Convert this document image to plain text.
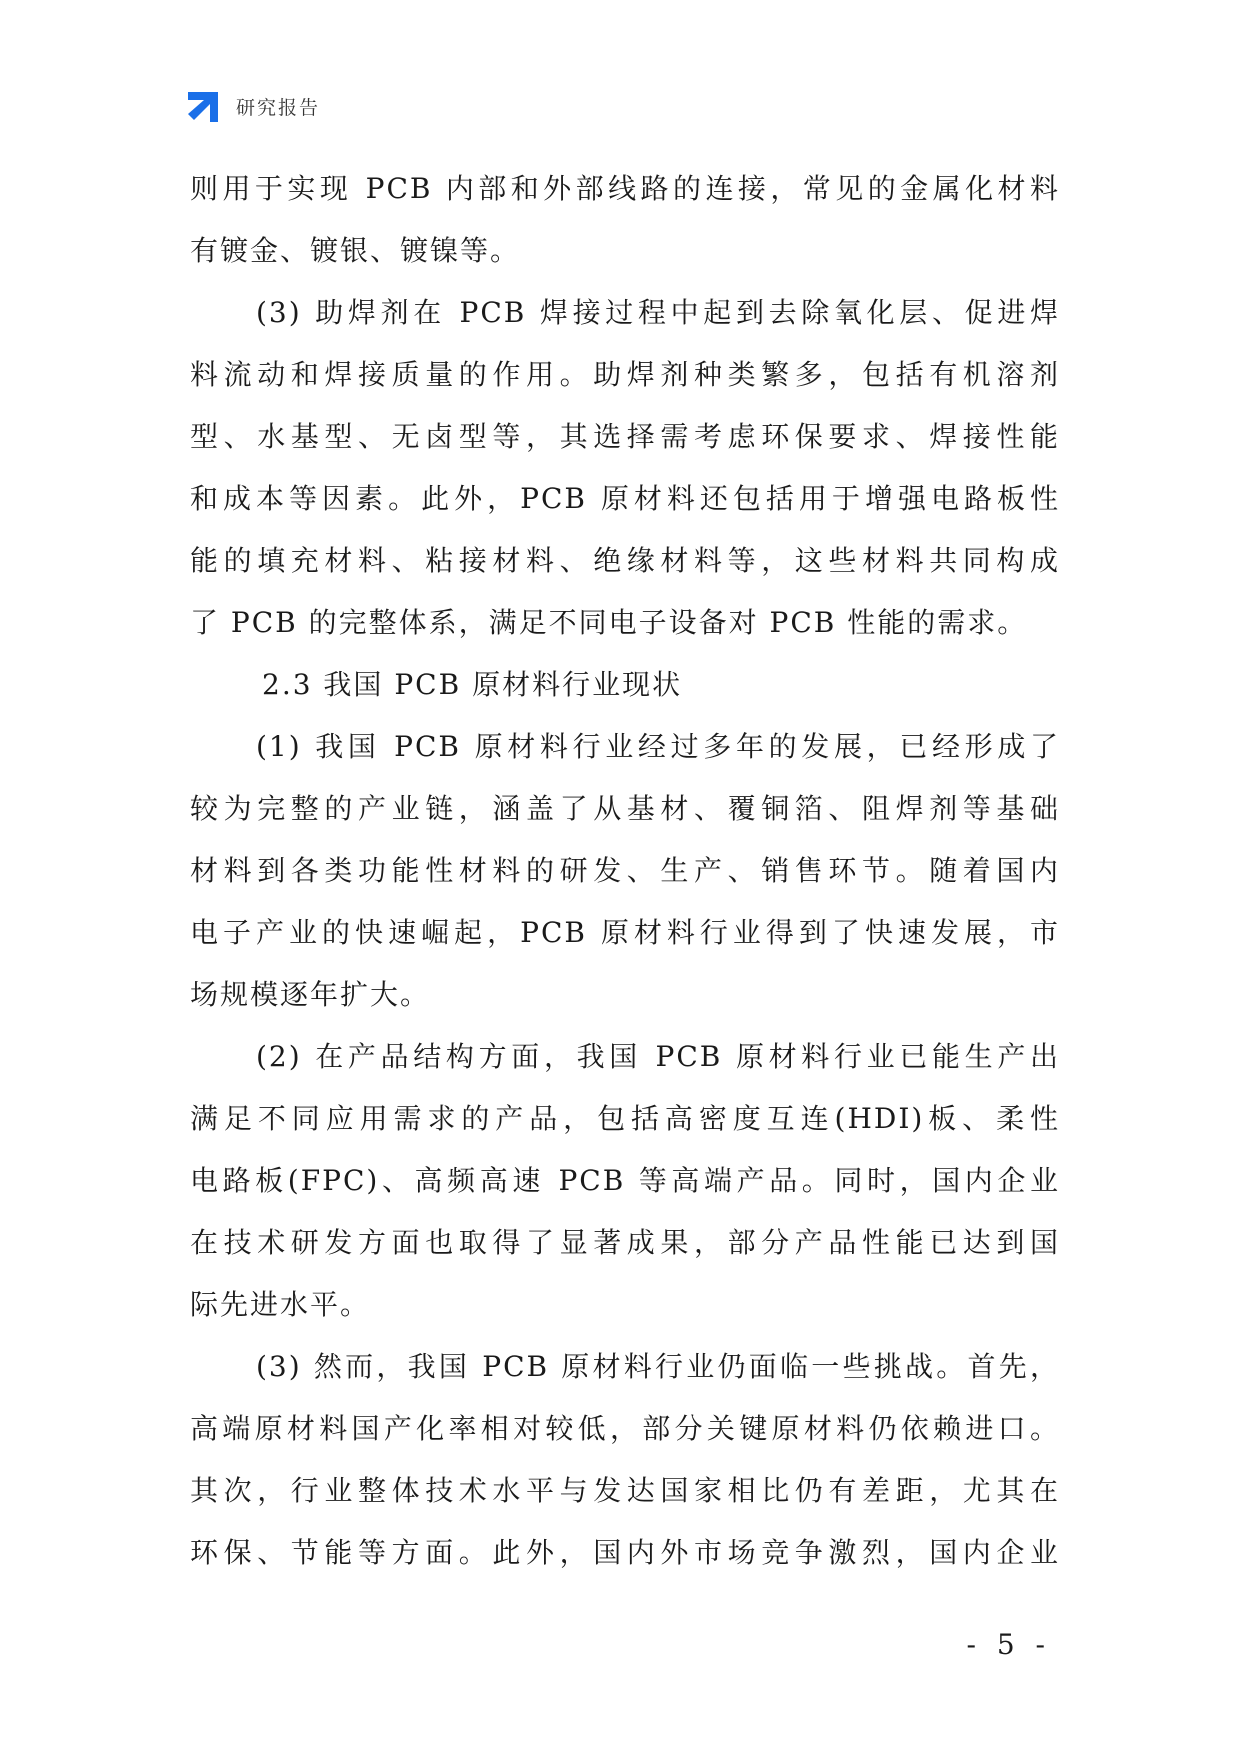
研究报告
则用于实现 PCB 内部和外部线路的连接，常见的金属化材料
有镀金、镀银、镀镍等。
(3) 助焊剂在 PCB 焊接过程中起到去除氧化层、促进焊
料流动和焊接质量的作用。助焊剂种类繁多，包括有机溶剂
型、水基型、无卤型等，其选择需考虑环保要求、焊接性能
和成本等因素。此外，PCB 原材料还包括用于增强电路板性
能的填充材料、粘接材料、绝缘材料等，这些材料共同构成
了 PCB 的完整体系，满足不同电子设备对 PCB 性能的需求。
2.3 我国 PCB 原材料行业现状
(1) 我国 PCB 原材料行业经过多年的发展，已经形成了
较为完整的产业链，涵盖了从基材、覆铜箔、阻焊剂等基础
材料到各类功能性材料的研发、生产、销售环节。随着国内
电子产业的快速崛起，PCB 原材料行业得到了快速发展，市
场规模逐年扩大。
(2) 在产品结构方面，我国 PCB 原材料行业已能生产出
满足不同应用需求的产品，包括高密度互连(HDI)板、柔性
电路板(FPC)、高频高速 PCB 等高端产品。同时，国内企业
在技术研发方面也取得了显著成果，部分产品性能已达到国
际先进水平。
(3) 然而，我国 PCB 原材料行业仍面临一些挑战。首先，
高端原材料国产化率相对较低，部分关键原材料仍依赖进口。
其次，行业整体技术水平与发达国家相比仍有差距，尤其在
环保、节能等方面。此外，国内外市场竞争激烈，国内企业
- 5 -
